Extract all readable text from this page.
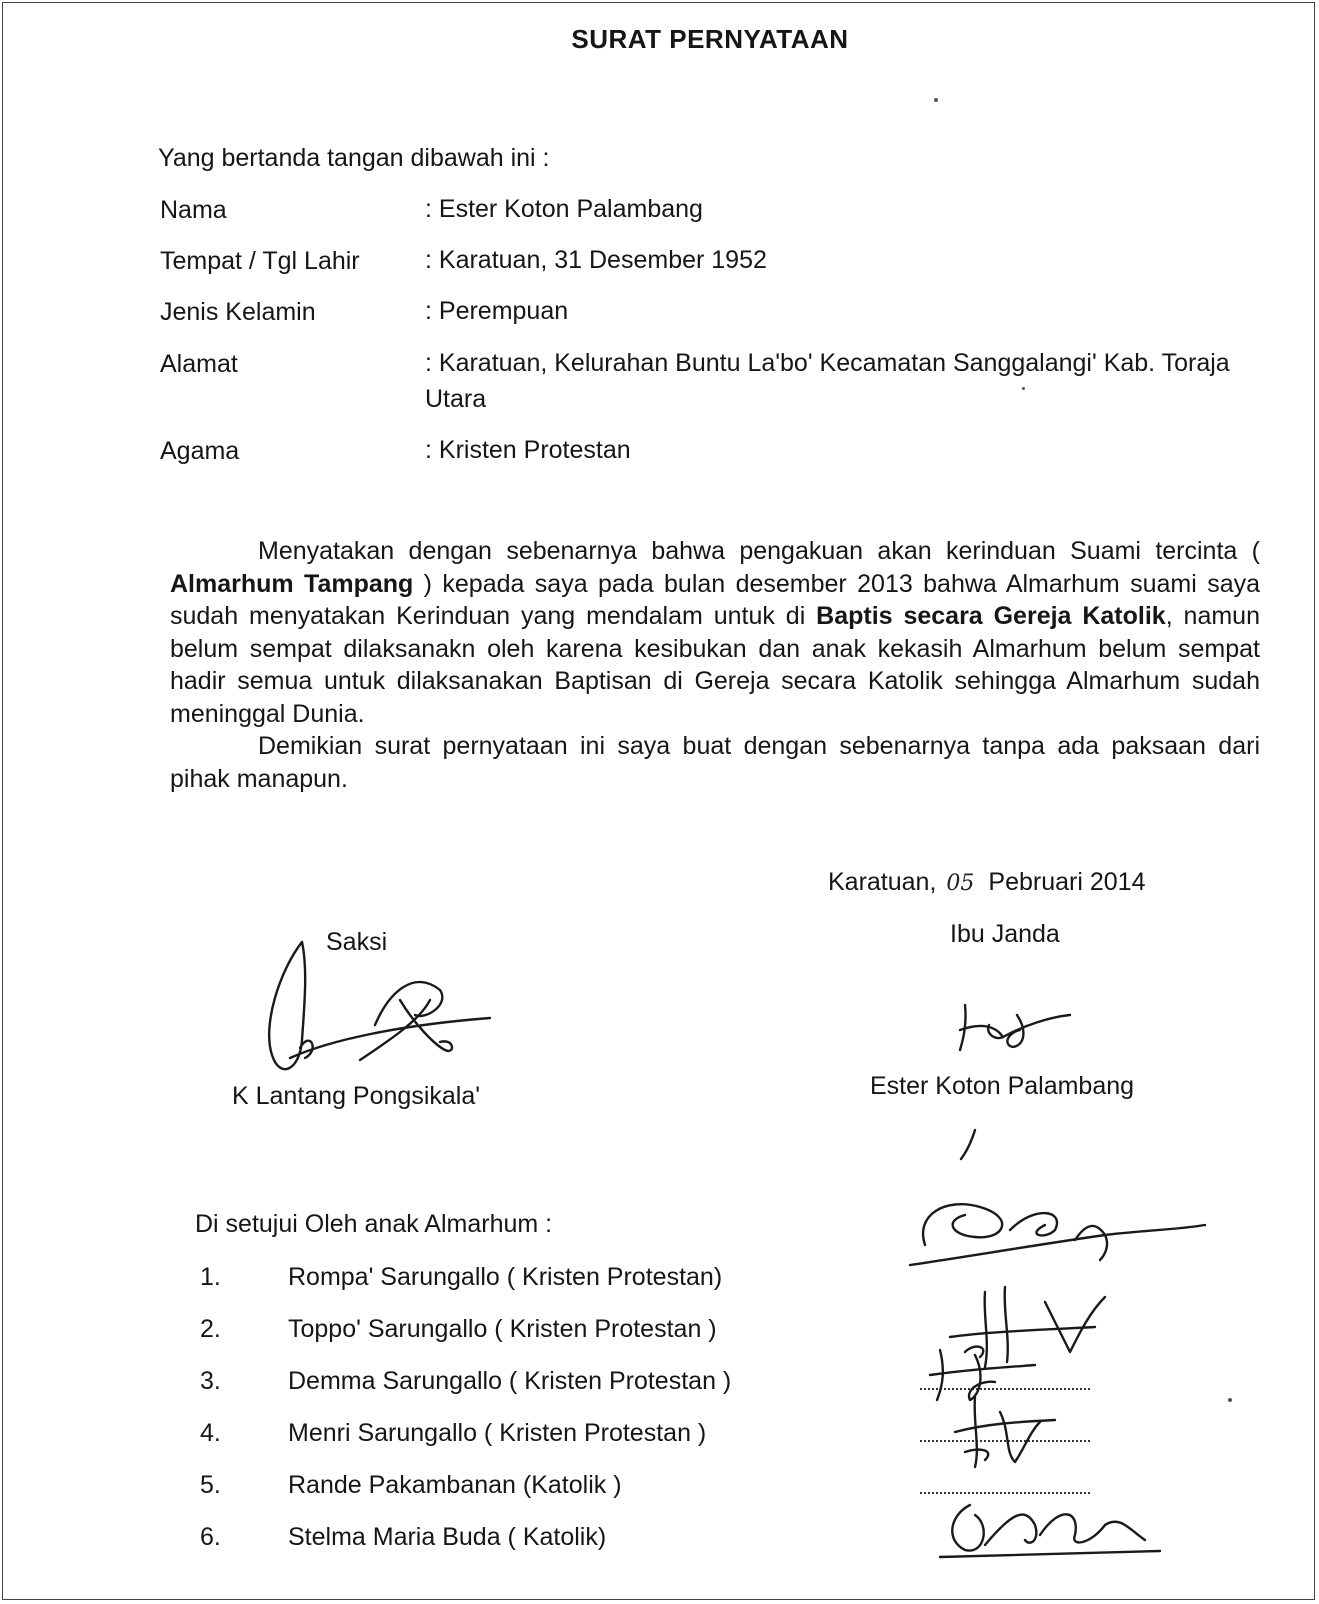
SURAT PERNYATAAN
Yang bertanda tangan dibawah ini :
Nama	: Ester Koton Palambang
Tempat / Tgl Lahir	: Karatuan, 31 Desember 1952
Jenis Kelamin	: Perempuan
Alamat	: Karatuan, Kelurahan Buntu La'bo' Kecamatan Sanggalangi' Kab. Toraja Utara
Agama	: Kristen Protestan
Menyatakan dengan sebenarnya bahwa pengakuan akan kerinduan Suami tercinta ( Almarhum Tampang ) kepada saya pada bulan desember 2013 bahwa Almarhum suami saya sudah menyatakan Kerinduan yang mendalam untuk di Baptis secara Gereja Katolik, namun belum sempat dilaksanakn oleh karena kesibukan dan anak kekasih Almarhum belum sempat hadir semua untuk dilaksanakan Baptisan di Gereja secara Katolik sehingga Almarhum sudah meninggal Dunia.
Demikian surat pernyataan ini saya buat dengan sebenarnya tanpa ada paksaan dari pihak manapun.
Karatuan, 05 Pebruari 2014
Saksi	Ibu Janda
K Lantang Pongsikala'	Ester Koton Palambang
Di setujui Oleh anak Almarhum :
1.	Rompa' Sarungallo ( Kristen Protestan)
2.	Toppo' Sarungallo ( Kristen Protestan )
3.	Demma Sarungallo ( Kristen Protestan )
4.	Menri Sarungallo ( Kristen Protestan )
5.	Rande Pakambanan (Katolik )
6.	Stelma Maria Buda ( Katolik)
